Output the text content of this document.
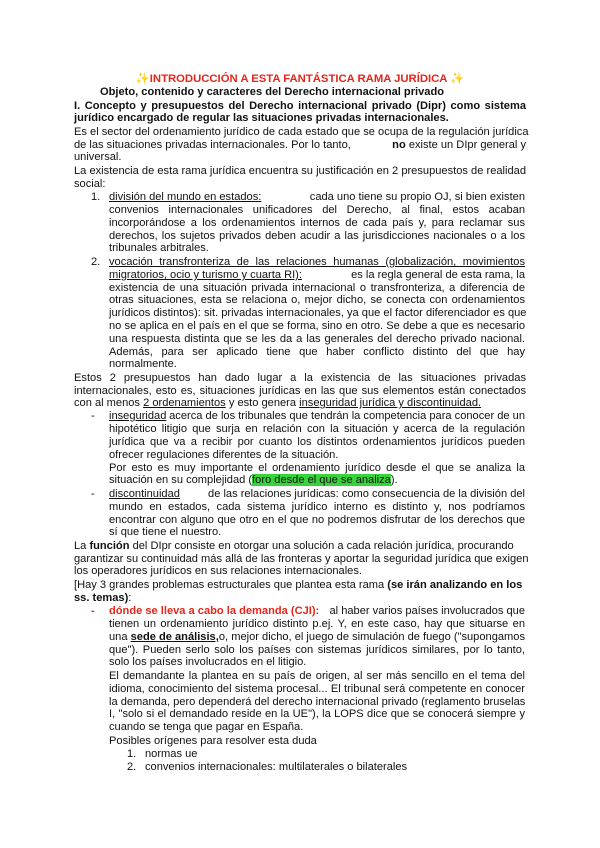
✨INTRODUCCIÓN A ESTA FANTÁSTICA RAMA JURÍDICA ✨
Objeto, contenido y caracteres del Derecho internacional privado
I. Concepto y presupuestos del Derecho internacional privado (Dipr) como sistema
jurídico encargado de regular las situaciones privadas internacionales.
Es el sector del ordenamiento jurídico de cada estado que se ocupa de la regulación jurídica
de las situaciones privadas internacionales. Por lo tanto,	no existe un DIpr general y
universal.
La existencia de esta rama jurídica encuentra su justificación en 2 presupuestos de realidad
social:
1. división del mundo en estados:	cada uno tiene su propio OJ, si bien existen
convenios internacionales unificadores del Derecho, al final, estos acaban
incorporándose a los ordenamientos internos de cada país y, para reclamar sus
derechos, los sujetos privados deben acudir a las jurisdicciones nacionales o a los
tribunales arbitrales.
2. vocación transfronteriza de las relaciones humanas (globalización, movimientos
migratorios, ocio y turismo y cuarta RI):	es la regla general de esta rama, la
existencia de una situación privada internacional o transfronteriza, a diferencia de
otras situaciones, esta se relaciona o, mejor dicho, se conecta con ordenamientos
jurídicos distintos): sit. privadas internacionales, ya que el factor diferenciador es que
no se aplica en el país en el que se forma, sino en otro. Se debe a que es necesario
una respuesta distinta que se les da a las generales del derecho privado nacional.
Además, para ser aplicado tiene que haber conflicto distinto del que hay
normalmente.
Estos 2 presupuestos han dado lugar a la existencia de las situaciones privadas
internacionales, esto es, situaciones jurídicas en las que sus elementos están conectados
con al menos 2 ordenamientos y esto genera inseguridad jurídica y discontinuidad.
- inseguridad acerca de los tribunales que tendrán la competencia para conocer de un
hipotético litigio que surja en relación con la situación y acerca de la regulación
jurídica que va a recibir por cuanto los distintos ordenamientos jurídicos pueden
ofrecer regulaciones diferentes de la situación.
Por esto es muy importante el ordenamiento jurídico desde el que se analiza la
situación en su complejidad (foro desde el que se analiza).
- discontinuidad	de las relaciones jurídicas: como consecuencia de la división del
mundo en estados, cada sistema jurídico interno es distinto y, nos podríamos
encontrar con alguno que otro en el que no podremos disfrutar de los derechos que
sí que tiene el nuestro.
La función del DIpr consiste en otorgar una solución a cada relación jurídica, procurando
garantizar su continuidad más allá de las fronteras y aportar la seguridad jurídica que exigen
los operadores jurídicos en sus relaciones internacionales.
[Hay 3 grandes problemas estructurales que plantea esta rama (se irán analizando en los
ss. temas):
- dónde se lleva a cabo la demanda (CJI): al haber varios países involucrados que
tienen un ordenamiento jurídico distinto p.ej. Y, en este caso, hay que situarse en
una sede de análisis, o, mejor dicho, el juego de simulación de fuego ("supongamos
que"). Pueden serlo solo los países con sistemas jurídicos similares, por lo tanto,
solo los países involucrados en el litigio.
El demandante la plantea en su país de origen, al ser más sencillo en el tema del
idioma, conocimiento del sistema procesal... El tribunal será competente en conocer
la demanda, pero dependerá del derecho internacional privado (reglamento bruselas
I, "solo si el demandado reside en la UE"), la LOPS dice que se conocerá siempre y
cuando se tenga que pagar en España.
Posibles orígenes para resolver esta duda
1. normas ue
2. convenios internacionales: multilaterales o bilaterales
